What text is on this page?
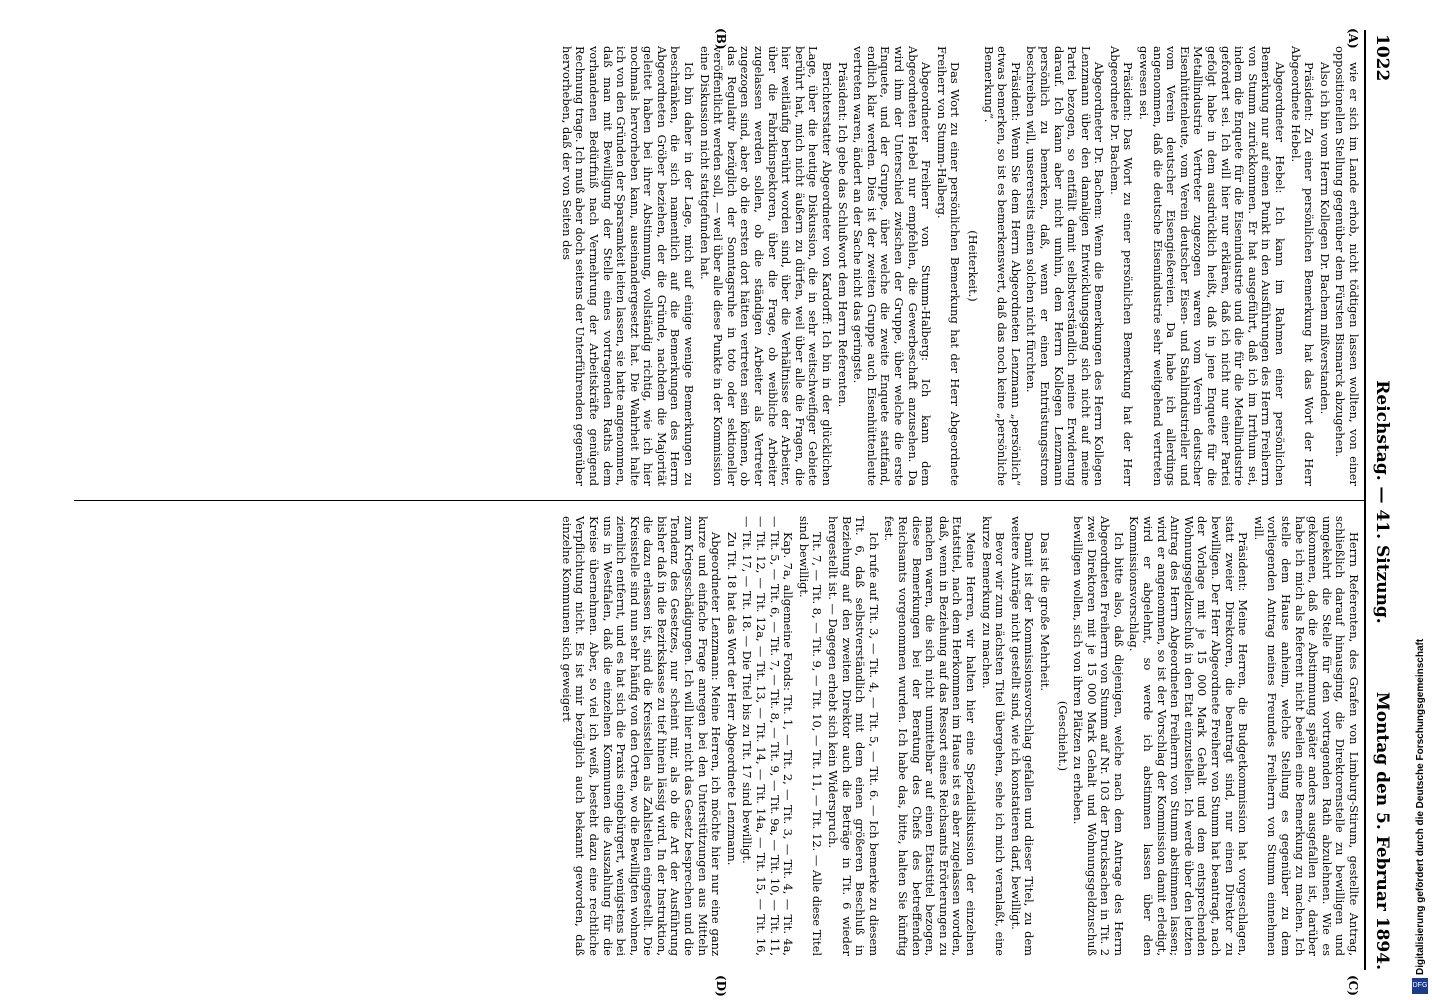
1022
Reichstag. — 41. Sitzung.
Montag den 5. Februar 1894.
(A)
(B)
(C)
(D)

wie er sich im Lande erhob, nicht tödtigen lassen wollten, von einer oppositionellen Stellung gegenüber dem Fürsten Bismarck abzugehen.

Also ich bin vom Herrn Kollegen Dr. Bachem mißverstanden.

Präsident: Zu einer persönlichen Bemerkung hat das Wort der Herr Abgeordnete Hebel.

Abgeordneter Hebel: Ich kann im Rahmen einer persönlichen Bemerkung nur auf einen Punkt in den Ausführungen des Herrn Freiherrn von Stumm zurückkommen. Er hat ausgeführt, daß ich im Irrthum sei, indem die Enquete für die Eisenindustrie und die für die Metallindustrie gefordert sei. Ich will hier nur erklären, daß ich nicht nur einer Partei gefolgt habe in dem ausdrücklich heißt, daß in jene Enquete für die Metallindustrie Vertreter zugezogen waren vom Verein deutscher Eisenhüttenleute, vom Verein deutscher Eisen- und Stahlindustrieller und vom Verein deutscher Eisengießereien. Da habe ich allerdings angenommen, daß die deutsche Eisenindustrie sehr weitgehend vertreten gewesen sei.

Präsident: Das Wort zu einer persönlichen Bemerkung hat der Herr Abgeordnete Dr. Bachem.

Abgeordneter Dr. Bachem: Wenn die Bemerkungen des Herrn Kollegen Lenzmann über den damaligen Entwicklungsgang sich nicht auf meine Partei bezogen, so entfällt damit selbstverständlich meine Erwiderung darauf. Ich kann aber nicht umhin, dem Herrn Kollegen Lenzmann persönlich zu bemerken, daß, wenn er einen Entrüstungsstrom beschreiben will, unsererseits einen solchen nicht fürchten.

Präsident: Wenn Sie dem Herrn Abgeordneten Lenzmann „persönlich“ etwas bemerken, so ist es bemerkenswert, daß das noch keine „persönliche Bemerkung“.

(Heiterkeit.)

Das Wort zu einer persönlichen Bemerkung hat der Herr Abgeordnete Freiherr von Stumm-Halberg.

Abgeordneter Freiherr von Stumm-Halberg: Ich kann dem Abgeordneten Hebel nur empfehlen, die Gewerbeschaft anzusehen. Da wird ihm der Unterschied zwischen der Gruppe, über welche die erste Enquete, und der Gruppe, über welche die zweite Enquete stattfand, endlich klar werden. Dies ist der zweiten Gruppe auch Eisenhüttenleute vertreten waren, ändert an der Sache nicht das geringste.

Präsident: Ich gebe das Schlußwort dem Herrn Referenten.

Berichterstatter Abgeordneter von Kardorff: Ich bin in der glücklichen Lage, über die heutige Diskussion, die in sehr weitschweifiger Gebiete berührt hat, mich nicht äußern zu dürfen, weil über alle die Fragen, die hier weitläufig berührt worden sind, über die Verhältnisse der Arbeiter, über die Fabrikinspektoren, über die Frage, ob weibliche Arbeiter zugelassen werden sollen, ob die ständigen Arbeiter als Vertreter zugezogen sind, aber ob die ersten dort hätten vertreten sein können, ob das Regulativ bezüglich der Sonntagsruhe in toto oder sektioneller veröffentlicht werden soll, — weil über alle diese Punkte in der Kommission eine Diskussion nicht stattgefunden hat.

Ich bin daher in der Lage, mich auf einige wenige Bemerkungen zu beschränken, die sich namentlich auf die Bemerkungen des Herrn Abgeordneten Gröber beziehen, der die Gründe, nachdem die Majorität geleitet haben bei ihrer Abstimmung, vollständig richtig, wie ich hier nochmals hervorheben kann, auseinandergesetzt hat. Die Wahrheit halte ich von den Gründen der Sparsamkeit leiten lassen, sie hatte angenommen, daß man mit Bewilligung der Stelle eines vortragenden Raths dem vorhandenen Bedürfniß nach Vermehrung der Arbeitskräfte genügend Rechnung trage. Ich muß aber doch seitens der Unterführenden gegenüber hervorheben, daß der von Seiten des

Herrn Referenten, des Grafen von Limburg-Stirum, gestellte Antrag, schließlich darauf hinausging, die Direktorenstelle zu bewilligen und umgekehrt die Stelle für den vortragenden Rath abzulehnen. Wie es gekommen, daß die Abstimmung später anders ausgefallen ist, darüber habe ich mich als Referent nicht beeilen eine Bemerkung zu machen. Ich stelle dem Hause anheim, welche Stellung es gegenüber zu dem vorliegenden Antrag meines Freundes Freiherrn von Stumm einnehmen will.

Präsident: Meine Herren, die Budgetkommission hat vorgeschlagen, statt zweier Direktoren, die beantragt sind, nur einen Direktor zu bewilligen. Der Herr Abgeordnete Freiherr von Stumm hat beantragt, nach der Vorlage mit je 15 000 Mark Gehalt und dem entsprechenden Wohnungsgeldzuschuß in den Etat einzustellen. Ich werde über den letzten Antrag des Herrn Abgeordneten Freiherrn von Stumm abstimmen lassen; wird er angenommen, so ist der Vorschlag der Kommission damit erledigt, wird er abgelehnt, so werde ich abstimmen lassen über den Kommissionsvorschlag.

Ich bitte also, daß diejenigen, welche nach dem Antrage des Herrn Abgeordneten Freiherrn von Stumm auf Nr. 103 der Drucksachen in Tit. 2 zwei Direktoren mit je 15 000 Mark Gehalt und Wohnungsgeldzuschuß bewilligen wollen, sich von ihren Plätzen zu erheben.

(Geschieht.)

Das ist die große Mehrheit.

Damit ist der Kommissionsvorschlag gefallen und dieser Titel, zu dem weitere Anträge nicht gestellt sind, wie ich konstatieren darf, bewilligt.

Bevor wir zum nächsten Titel übergehen, sehe ich mich veranlaßt, eine kurze Bemerkung zu machen.

Meine Herren, wir halten hier eine Spezialdiskussion der einzelnen Etatstitel, nach dem Herkommen im Hause ist es aber zugelassen worden, daß, wenn in Beziehung auf das Ressort eines Reichsamts Erörterungen zu machen waren, die sich nicht unmittelbar auf einen Etatstitel bezogen, diese Bemerkungen bei der Beratung des Chefs des betreffenden Reichsamts vorgenommen wurden. Ich habe das, bitte, halten Sie künftig fest.

Ich rufe auf Tit. 3, — Tit. 4, — Tit. 5, — Tit. 6. — Ich bemerke zu diesem Tit. 6, daß selbstverständlich mit dem einen größeren Beschluß in Beziehung auf den zweiten Direktor auch die Beträge in Tit. 6 wieder hergestellt ist. — Dagegen erhebt sich kein Widerspruch.

Tit. 7, — Tit. 8, — Tit. 9, — Tit. 10, — Tit. 11, — Tit. 12. — Alle diese Titel sind bewilligt.

Kap. 7a, allgemeine Fonds: Tit. 1, — Tit. 2, — Tit. 3, — Tit. 4, — Tit. 4a, — Tit. 5, — Tit. 6, — Tit. 7, — Tit. 8, — Tit. 9, — Tit. 9a, — Tit. 10, — Tit. 11, — Tit. 12, — Tit. 12a, — Tit. 13, — Tit. 14, — Tit. 14a, — Tit. 15, — Tit. 16, — Tit. 17, — Tit. 18. — Die Titel bis zu Tit. 17 sind bewilligt.

Zu Tit. 18 hat das Wort der Herr Abgeordnete Lenzmann.

Abgeordneter Lenzmann: Meine Herren, ich möchte hier nur eine ganz kurze und einfache Frage anregen bei den Unterstützungen aus Mitteln zum Kriegsschädigungen. Ich will hier nicht das Gesetz besprechen und die Tendenz des Gesetzes, nur scheint mir, als ob die Art der Ausführung bisher daß in die Bezirkskasse zu tief hinein lässig wird. In der Instruktion, die dazu erlassen ist, sind die Kreisstellen als Zahlstellen eingestellt. Die Kreisstelle sind nun sehr häufig von den Orten, wo die Bewilligten wohnen, ziemlich entfernt, und es hat sich die Praxis eingebürgert, wenigstens bei uns in Westfalen, daß die einzelnen Kommunen die Auszahlung für die Kreise übernehmen. Aber, so viel ich weiß, besteht dazu eine rechtliche Verpflichtung nicht. Es ist mir bezüglich auch bekannt geworden, daß einzelne Kommunen sich geweigert

Digitalisierung gefördert durch die Deutsche Forschungsgemeinschaft
DFG
